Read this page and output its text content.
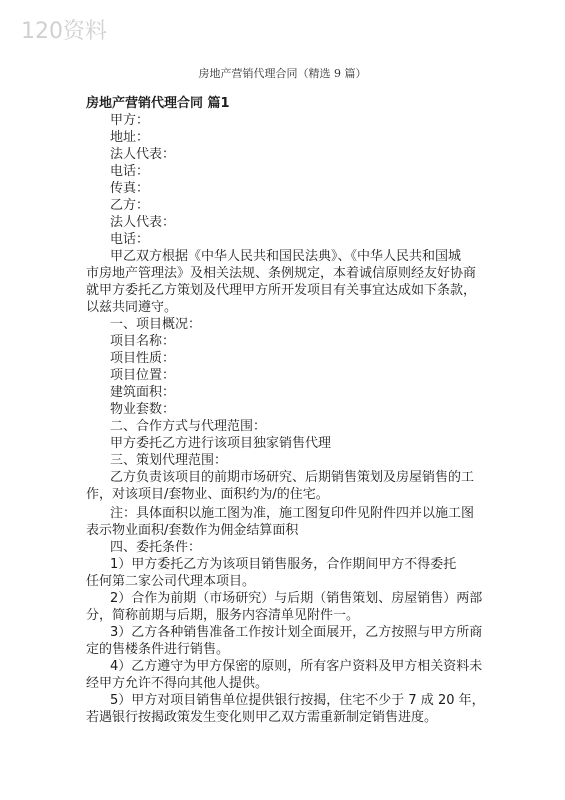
120资料
房地产营销代理合同（精选 9 篇）
房地产营销代理合同 篇1
甲方：
地址：
法人代表：
电话：
传真：
乙方：
法人代表：
电话：
甲乙双方根据《中华人民共和国民法典》、《中华人民共和国城
市房地产管理法》及相关法规、条例规定，本着诚信原则经友好协商
就甲方委托乙方策划及代理甲方所开发项目有关事宜达成如下条款，
以兹共同遵守。
一、项目概况：
项目名称：
项目性质：
项目位置：
建筑面积：
物业套数：
二、合作方式与代理范围：
甲方委托乙方进行该项目独家销售代理
三、策划代理范围：
乙方负责该项目的前期市场研究、后期销售策划及房屋销售的工
作，对该项目/套物业、面积约为/的住宅。
注：具体面积以施工图为准，施工图复印件见附件四并以施工图
表示物业面积/套数作为佣金结算面积
四、委托条件：
1）甲方委托乙方为该项目销售服务，合作期间甲方不得委托
任何第二家公司代理本项目。
2）合作为前期（市场研究）与后期（销售策划、房屋销售）两部
分，简称前期与后期，服务内容清单见附件一。
3）乙方各种销售准备工作按计划全面展开，乙方按照与甲方所商
定的售楼条件进行销售。
4）乙方遵守为甲方保密的原则，所有客户资料及甲方相关资料未
经甲方允许不得向其他人提供。
5）甲方对项目销售单位提供银行按揭，住宅不少于 7 成 20 年，
若遇银行按揭政策发生变化则甲乙双方需重新制定销售进度。
